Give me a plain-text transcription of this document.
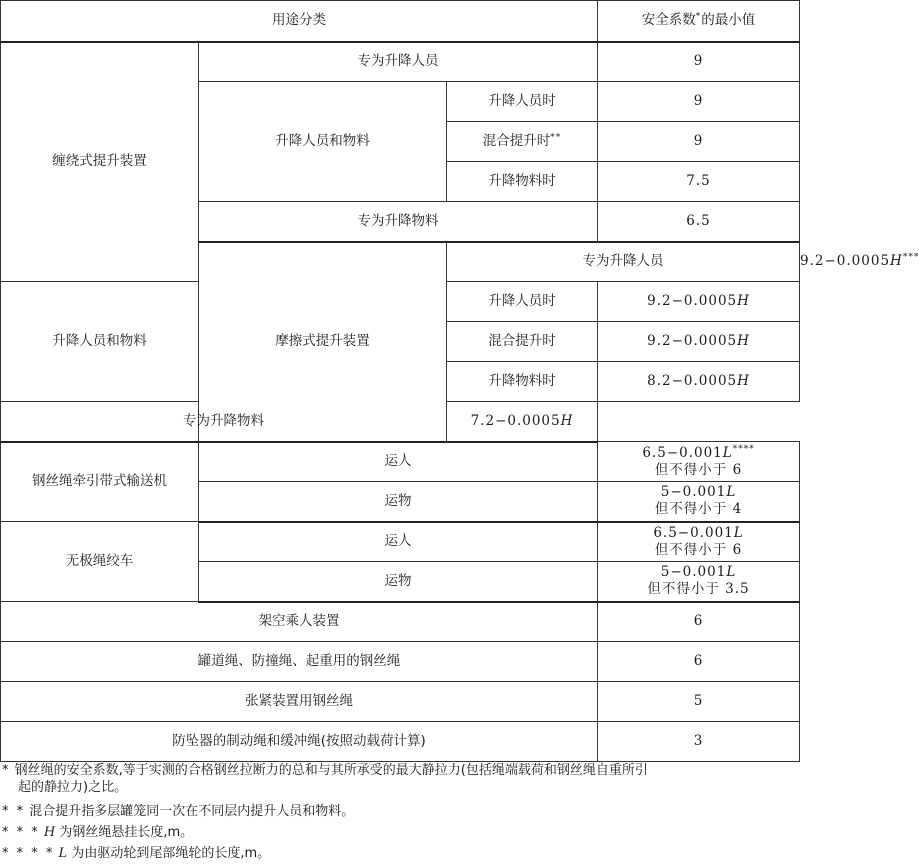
用途分类			安全系数*的最小值	
缠绕式提升装置	专为升降人员		9	
	升降人员和物料	升降人员时	9	
		混合提升时**	9	
		升降物料时	7.5	
	专为升降物料		6.5	
	摩擦式提升装置	专为升降人员		9.2−0.0005H***
升降人员和物料		升降人员时	9.2−0.0005H	
		混合提升时	9.2−0.0005H	
		升降物料时	8.2−0.0005H	
专为升降物料		7.2−0.0005H		
钢丝绳牵引带式输送机	运人		6.5−0.001L****
但不得小于 6	
	运物		5−0.001L
但不得小于 4	
无极绳绞车	运人		6.5−0.001L
但不得小于 6	
	运物		5−0.001L
但不得小于 3.5	
架空乘人装置			6	
罐道绳、防撞绳、起重用的钢丝绳			6	
张紧装置用钢丝绳			5	
防坠器的制动绳和缓冲绳(按照动载荷计算)			3	
* 钢丝绳的安全系数,等于实测的合格钢丝拉断力的总和与其所承受的最大静拉力(包括绳端载荷和钢丝绳自重所引
起的静拉力)之比。
* * 混合提升指多层罐笼同一次在不同层内提升人员和物料。
* * * H 为钢丝绳悬挂长度,m。
* * * * L 为由驱动轮到尾部绳轮的长度,m。
